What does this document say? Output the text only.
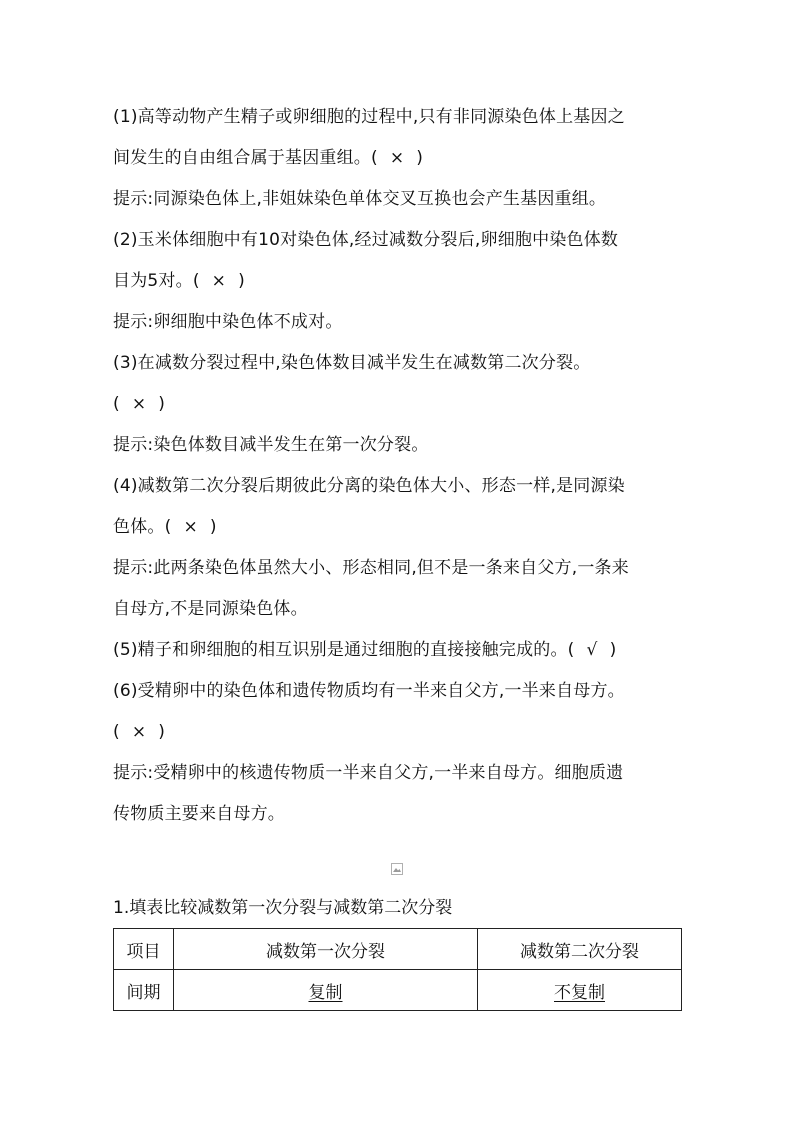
(1)高等动物产生精子或卵细胞的过程中,只有非同源染色体上基因之
间发生的自由组合属于基因重组。( × )
提示:同源染色体上,非姐妹染色单体交叉互换也会产生基因重组。
(2)玉米体细胞中有10对染色体,经过减数分裂后,卵细胞中染色体数
目为5对。( × )
提示:卵细胞中染色体不成对。
(3)在减数分裂过程中,染色体数目减半发生在减数第二次分裂。
( × )
提示:染色体数目减半发生在第一次分裂。
(4)减数第二次分裂后期彼此分离的染色体大小、形态一样,是同源染
色体。( × )
提示:此两条染色体虽然大小、形态相同,但不是一条来自父方,一条来
自母方,不是同源染色体。
(5)精子和卵细胞的相互识别是通过细胞的直接接触完成的。( √ )
(6)受精卵中的染色体和遗传物质均有一半来自父方,一半来自母方。
( × )
提示:受精卵中的核遗传物质一半来自父方,一半来自母方。细胞质遗
传物质主要来自母方。
1.填表比较减数第一次分裂与减数第二次分裂
项目	减数第一次分裂	减数第二次分裂
间期	复制	不复制
